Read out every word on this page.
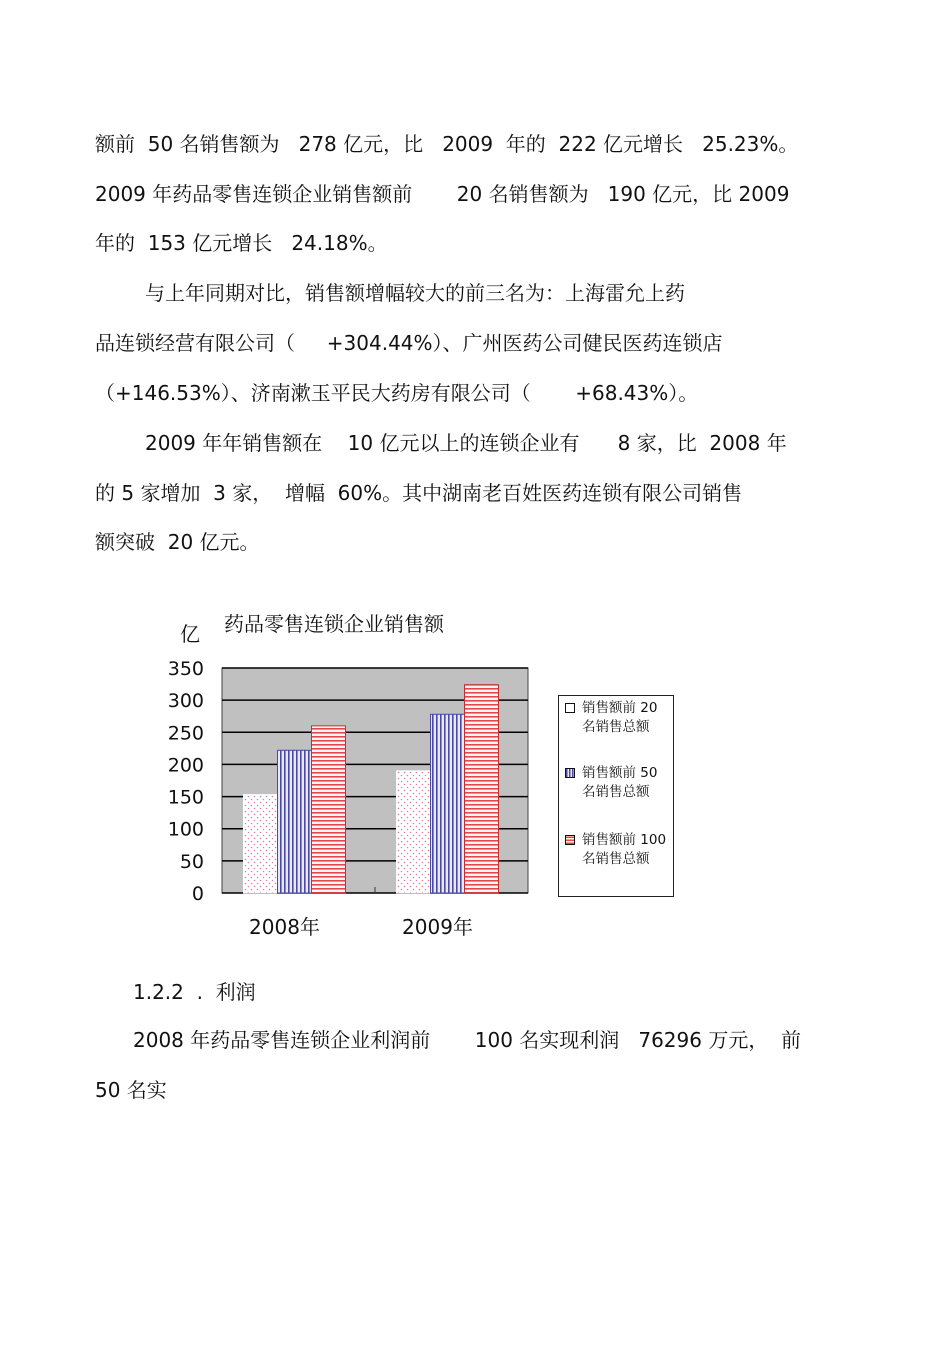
额前  50 名销售额为   278 亿元，比   2009  年的  222 亿元增长   25.23%。

2009 年药品零售连锁企业销售额前       20 名销售额为   190 亿元，比 2009

年的  153 亿元增长   24.18%。

与上年同期对比，销售额增幅较大的前三名为：上海雷允上药

品连锁经营有限公司（     +304.44%）、广州医药公司健民医药连锁店

（+146.53%）、济南漱玉平民大药房有限公司（       +68.43%）。

2009 年年销售额在    10 亿元以上的连锁企业有      8 家，比  2008 年

的 5 家增加  3 家，  增幅  60%。其中湖南老百姓医药连锁有限公司销售

额突破  20 亿元。

亿 药品零售连锁企业销售额
0
50
100
150
200
250
300
350
2008年	2009年
销售额前 20 名销售总额
销售额前 50 名销售总额
销售额前 100名销售总额

1.2.2  .  利润

2008 年药品零售连锁企业利润前       100 名实现利润   76296 万元，  前

50 名实
